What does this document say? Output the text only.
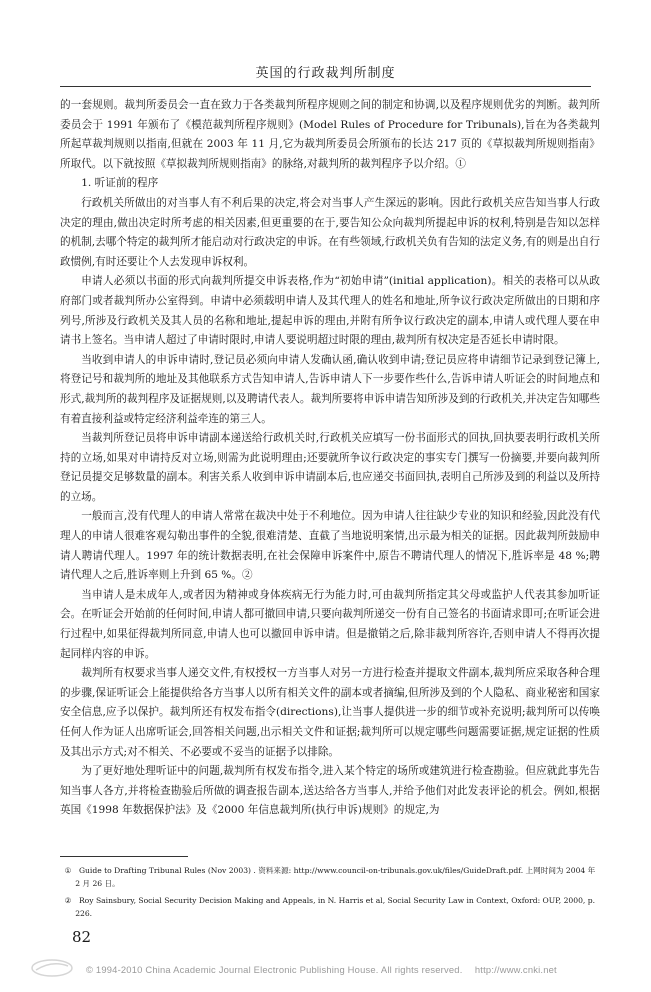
英国的行政裁判所制度

的一套规则。裁判所委员会一直在致力于各类裁判所程序规则之间的制定和协调,以及程序规则优劣的判断。裁判所委员会于 1991 年颁布了《模范裁判所程序规则》(Model Rules of Procedure for Tribunals),旨在为各类裁判所起草裁判规则以指南,但就在 2003 年 11 月,它为裁判所委员会所颁布的长达 217 页的《草拟裁判所规则指南》所取代。以下就按照《草拟裁判所规则指南》的脉络,对裁判所的裁判程序予以介绍。①

1. 听证前的程序

行政机关所做出的对当事人有不利后果的决定,将会对当事人产生深远的影响。因此行政机关应告知当事人行政决定的理由,做出决定时所考虑的相关因素,但更重要的在于,要告知公众向裁判所提起申诉的权利,特别是告知以怎样的机制,去哪个特定的裁判所才能启动对行政决定的申诉。在有些领域,行政机关负有告知的法定义务,有的则是出自行政惯例,有时还要让个人去发现申诉权利。

申请人必须以书面的形式向裁判所提交申诉表格,作为“初始申请”(initial application)。相关的表格可以从政府部门或者裁判所办公室得到。申请中必须载明申请人及其代理人的姓名和地址,所争议行政决定所做出的日期和序列号,所涉及行政机关及其人员的名称和地址,提起申诉的理由,并附有所争议行政决定的副本,申请人或代理人要在申请书上签名。当申请人超过了申请时限时,申请人要说明超过时限的理由,裁判所有权决定是否延长申请时限。

当收到申请人的申诉申请时,登记员必须向申请人发确认函,确认收到申请;登记员应将申请细节记录到登记簿上,将登记号和裁判所的地址及其他联系方式告知申请人,告诉申请人下一步要作些什么,告诉申请人听证会的时间地点和形式,裁判所的裁判程序及证据规则,以及聘请代表人。裁判所要将申诉申请告知所涉及到的行政机关,并决定告知哪些有着直接利益或特定经济利益牵连的第三人。

当裁判所登记员将申诉申请副本递送给行政机关时,行政机关应填写一份书面形式的回执,回执要表明行政机关所持的立场,如果对申请持反对立场,则需为此说明理由;还要就所争议行政决定的事实专门撰写一份摘要,并要向裁判所登记员提交足够数量的副本。利害关系人收到申诉申请副本后,也应递交书面回执,表明自己所涉及到的利益以及所持的立场。

一般而言,没有代理人的申请人常常在裁决中处于不利地位。因为申请人往往缺少专业的知识和经验,因此没有代理人的申请人很难客观勾勒出事件的全貌,很难清楚、直截了当地说明案情,出示最为相关的证据。因此裁判所鼓励申请人聘请代理人。1997 年的统计数据表明,在社会保障申诉案件中,原告不聘请代理人的情况下,胜诉率是 48 %;聘请代理人之后,胜诉率则上升到 65 %。②

当申请人是未成年人,或者因为精神或身体疾病无行为能力时,可由裁判所指定其父母或监护人代表其参加听证会。在听证会开始前的任何时间,申请人都可撤回申请,只要向裁判所递交一份有自己签名的书面请求即可;在听证会进行过程中,如果征得裁判所同意,申请人也可以撤回申诉申请。但是撤销之后,除非裁判所容许,否则申请人不得再次提起同样内容的申诉。

裁判所有权要求当事人递交文件,有权授权一方当事人对另一方进行检查并提取文件副本,裁判所应采取各种合理的步骤,保证听证会上能提供给各方当事人以所有相关文件的副本或者摘编,但所涉及到的个人隐私、商业秘密和国家安全信息,应予以保护。裁判所还有权发布指令(directions),让当事人提供进一步的细节或补充说明;裁判所可以传唤任何人作为证人出席听证会,回答相关问题,出示相关文件和证据;裁判所可以规定哪些问题需要证据,规定证据的性质及其出示方式;对不相关、不必要或不妥当的证据予以排除。

为了更好地处理听证中的问题,裁判所有权发布指令,进入某个特定的场所或建筑进行检查勘验。但应就此事先告知当事人各方,并将检查勘验后所做的调查报告副本,送达给各方当事人,并给予他们对此发表评论的机会。例如,根据英国《1998 年数据保护法》及《2000 年信息裁判所(执行申诉)规则》的规定,为

①　Guide to Drafting Tribunal Rules (Nov 2003) . 资料来源: http://www.council-on-tribunals.gov.uk/files/GuideDraft.pdf. 上网时间为 2004 年 2 月 26 日。

②　Roy Sainsbury, Social Security Decision Making and Appeals, in N. Harris et al, Social Security Law in Context, Oxford: OUP, 2000, p. 226.

82
© 1994-2010 China Academic Journal Electronic Publishing House. All rights reserved.　 http://www.cnki.net
